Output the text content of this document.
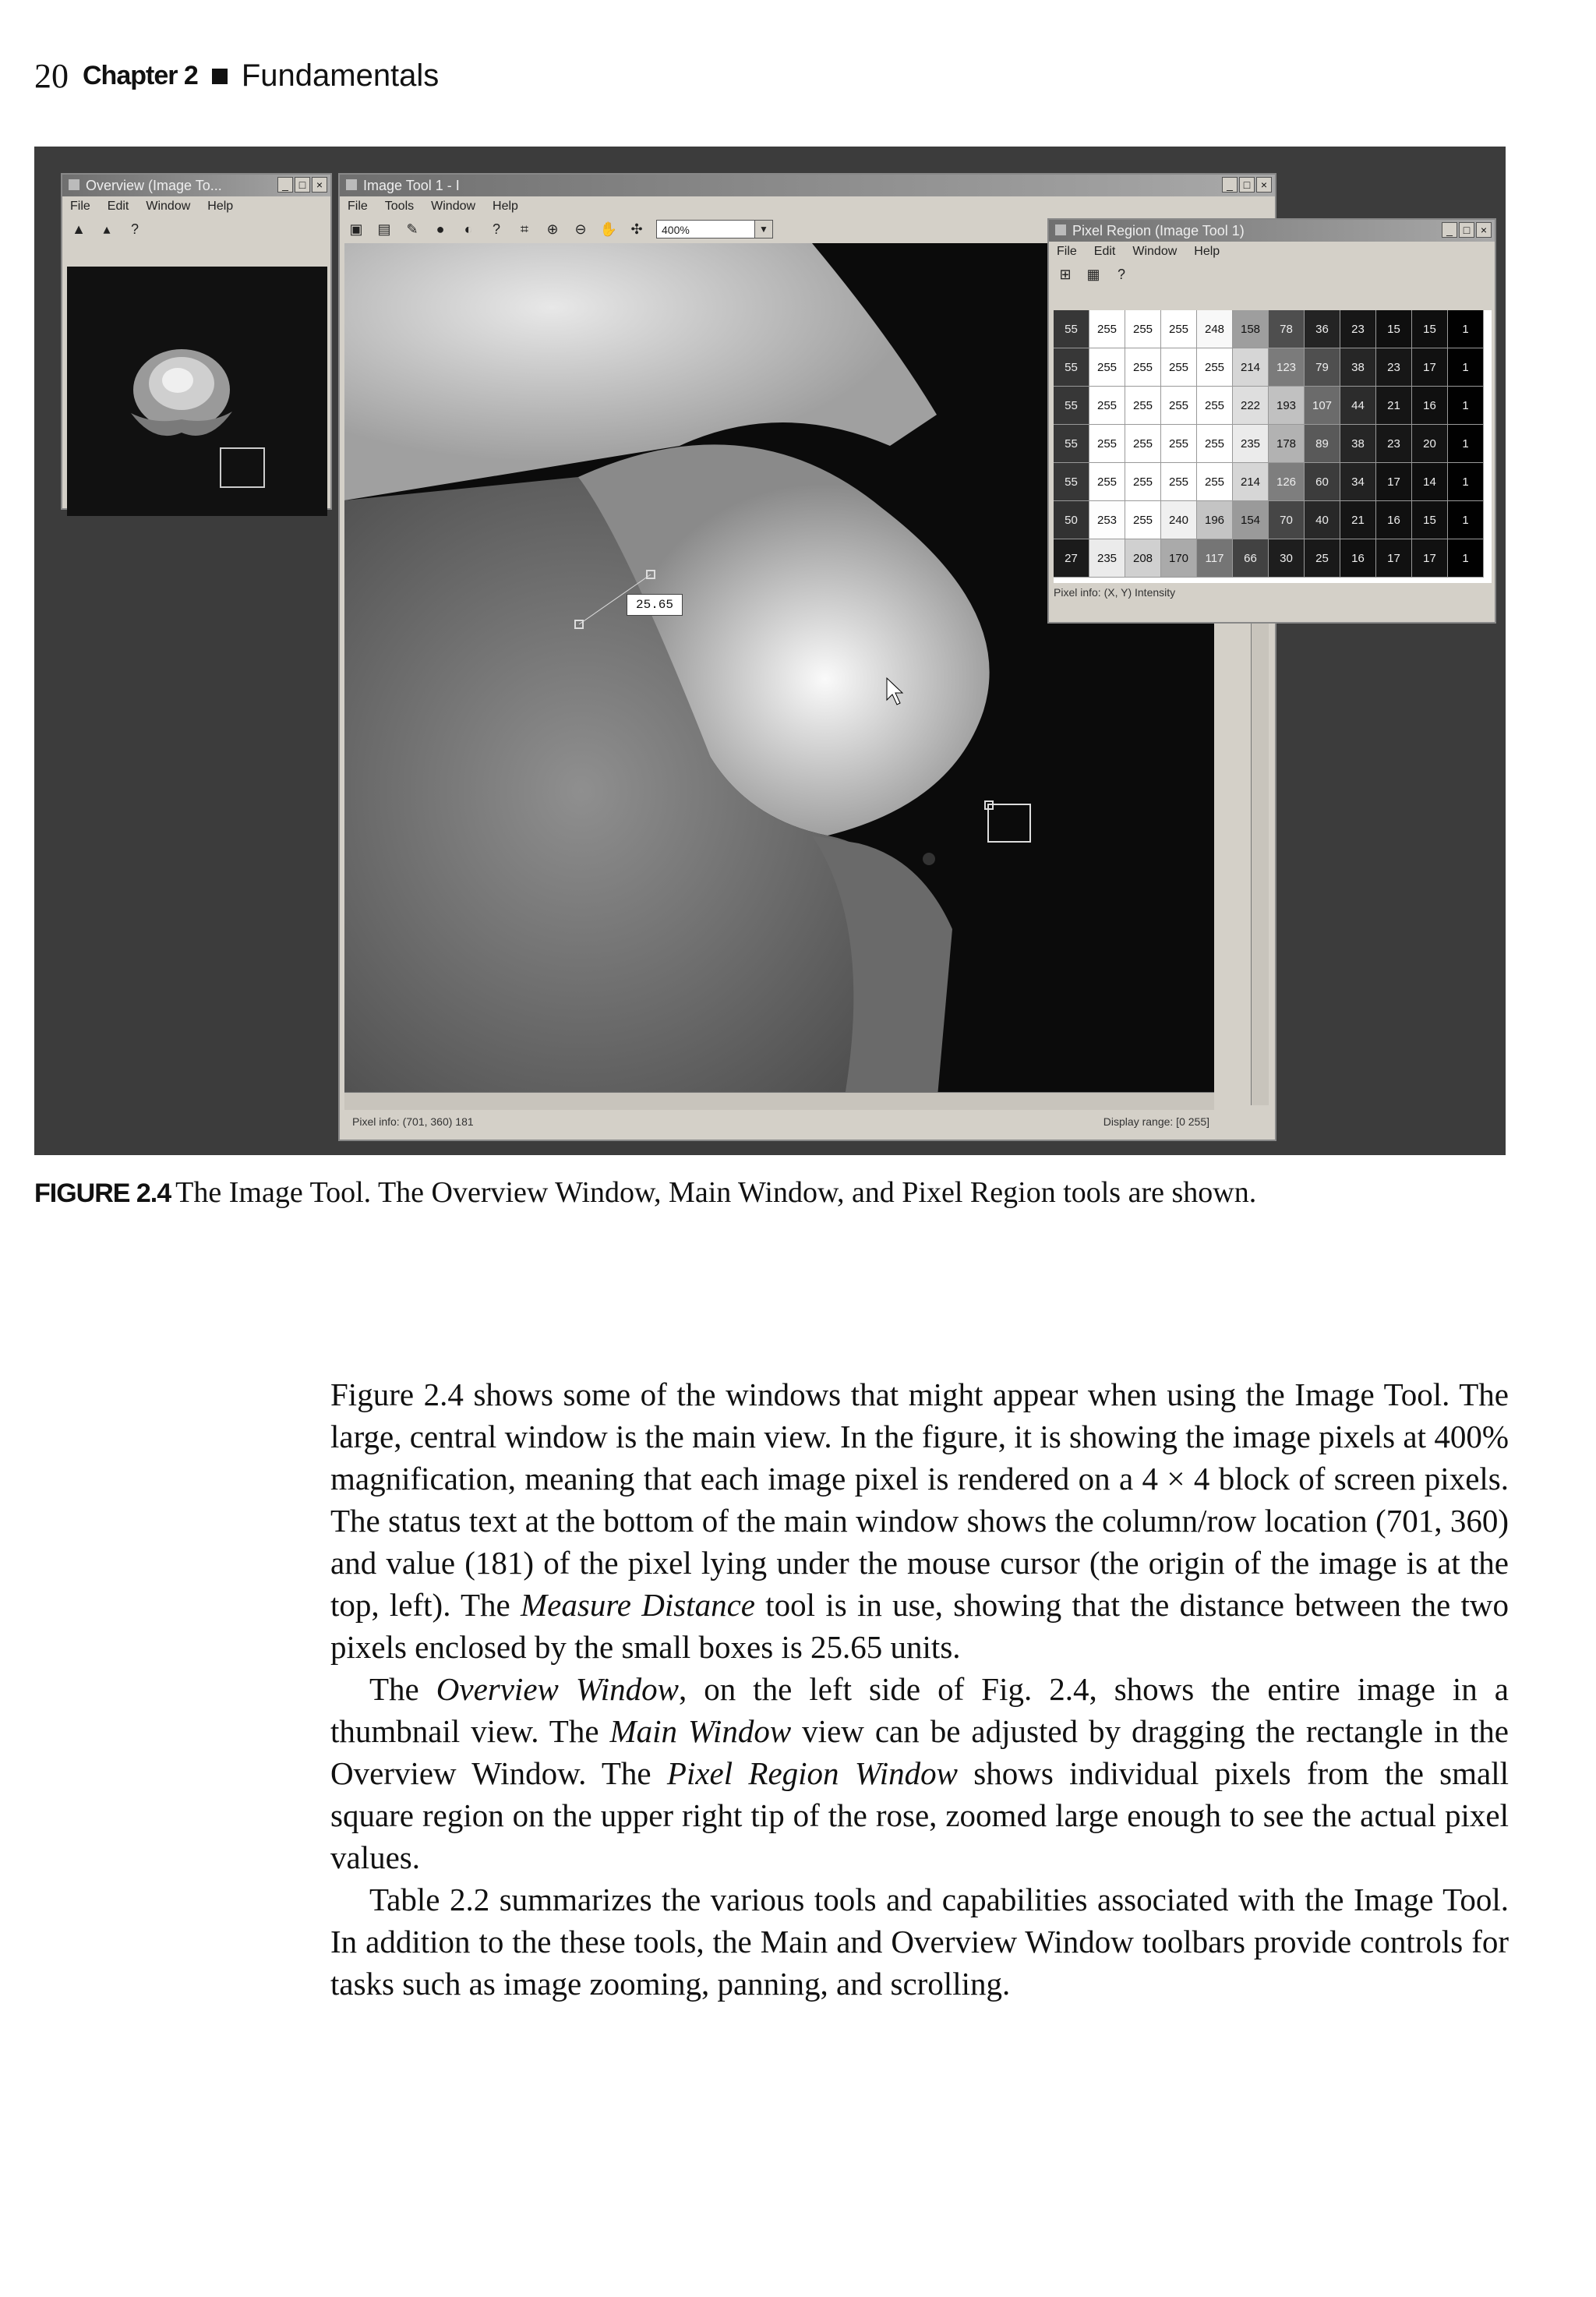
20 Chapter 2 Fundamentals
Overview (Image To...	_ □ ×
File Edit Window Help
▲	▴	?
Image Tool 1 - I	_ □ ×
File Tools Window Help
▣ ▤ ✎	●	◐	?	⌗	⊕ ⊖ ✋ ✣	400%	▼
25.65
Pixel info: (701, 360) 181	Display range: [0 255]
Pixel Region (Image Tool 1)	_ □ ×
File Edit Window Help
⊞ ▦	?
55	255	255	255	248	158	78	36	23	15	15	1
55	255	255	255	255	214	123	79	38	23	17	1
55	255	255	255	255	222	193	107	44	21	16	1
55	255	255	255	255	235	178	89	38	23	20	1
55	255	255	255	255	214	126	60	34	17	14	1
50	253	255	240	196	154	70	40	21	16	15	1
27	235	208	170	117	66	30	25	16	17	17	1
Pixel info: (X, Y) Intensity
FIGURE 2.4 The Image Tool. The Overview Window, Main Window, and Pixel Region tools are shown.

Figure 2.4 shows some of the windows that might appear when using the Image Tool. The large, central window is the main view. In the figure, it is showing the image pixels at 400% magnification, meaning that each image pixel is rendered on a 4 × 4 block of screen pixels. The status text at the bottom of the main window shows the column/row location (701, 360) and value (181) of the pixel lying under the mouse cursor (the origin of the image is at the top, left). The Measure Distance tool is in use, showing that the distance between the two pixels enclosed by the small boxes is 25.65 units.

The Overview Window, on the left side of Fig. 2.4, shows the entire image in a thumbnail view. The Main Window view can be adjusted by dragging the rectangle in the Overview Window. The Pixel Region Window shows individual pixels from the small square region on the upper right tip of the rose, zoomed large enough to see the actual pixel values.

Table 2.2 summarizes the various tools and capabilities associated with the Image Tool. In addition to the these tools, the Main and Overview Window toolbars provide controls for tasks such as image zooming, panning, and scrolling.
